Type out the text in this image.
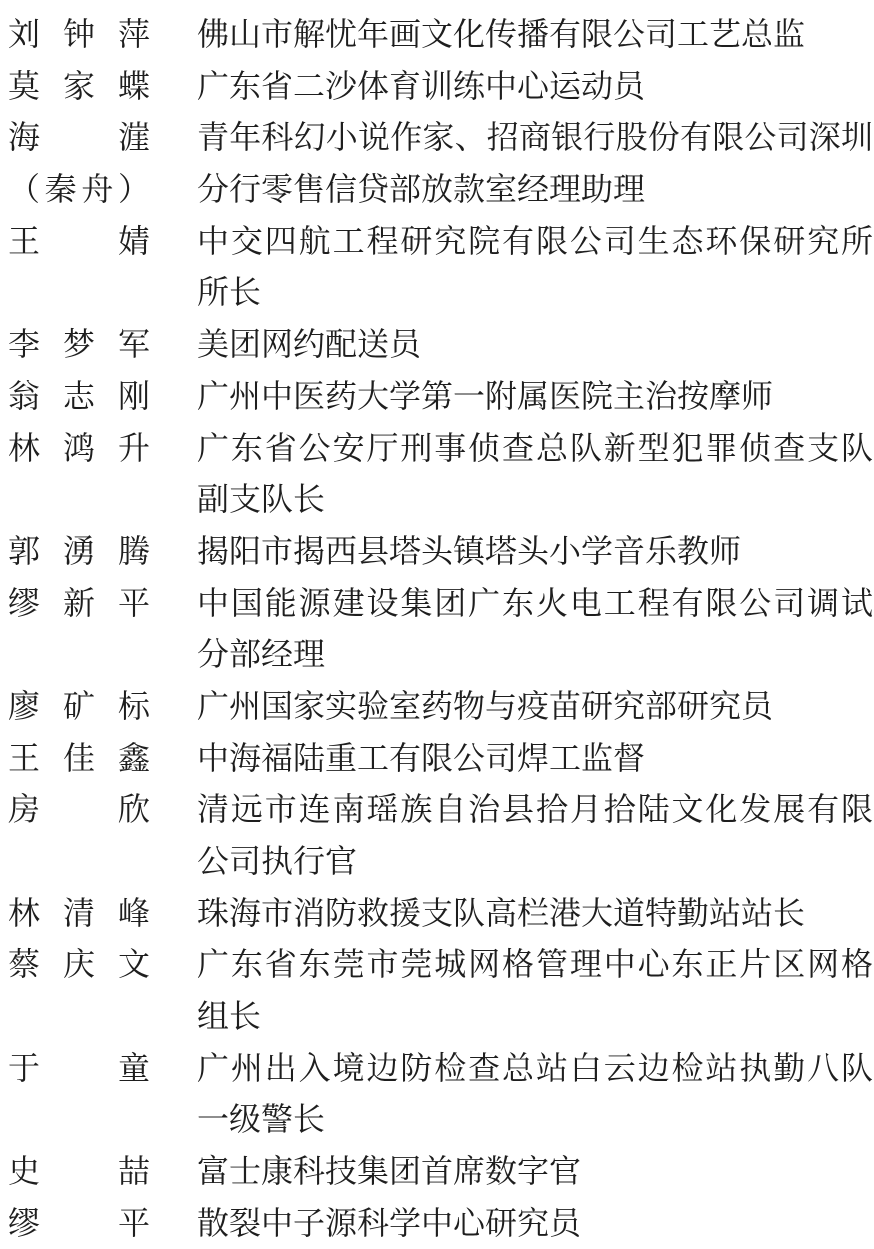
刘钟萍 佛山市解忧年画文化传播有限公司工艺总监
莫家蝶 广东省二沙体育训练中心运动员
海漄
（秦舟）
青年科幻小说作家、招商银行股份有限公司深圳
分行零售信贷部放款室经理助理
王婧 中交四航工程研究院有限公司生态环保研究所
所长
李梦军 美团网约配送员
翁志刚 广州中医药大学第一附属医院主治按摩师
林鸿升 广东省公安厅刑事侦查总队新型犯罪侦查支队
副支队长
郭湧腾 揭阳市揭西县塔头镇塔头小学音乐教师
缪新平 中国能源建设集团广东火电工程有限公司调试
分部经理
廖矿标 广州国家实验室药物与疫苗研究部研究员
王佳鑫 中海福陆重工有限公司焊工监督
房欣 清远市连南瑶族自治县拾月拾陆文化发展有限
公司执行官
林清峰 珠海市消防救援支队高栏港大道特勤站站长
蔡庆文 广东省东莞市莞城网格管理中心东正片区网格
组长
于童 广州出入境边防检查总站白云边检站执勤八队
一级警长
史喆 富士康科技集团首席数字官
缪平 散裂中子源科学中心研究员
